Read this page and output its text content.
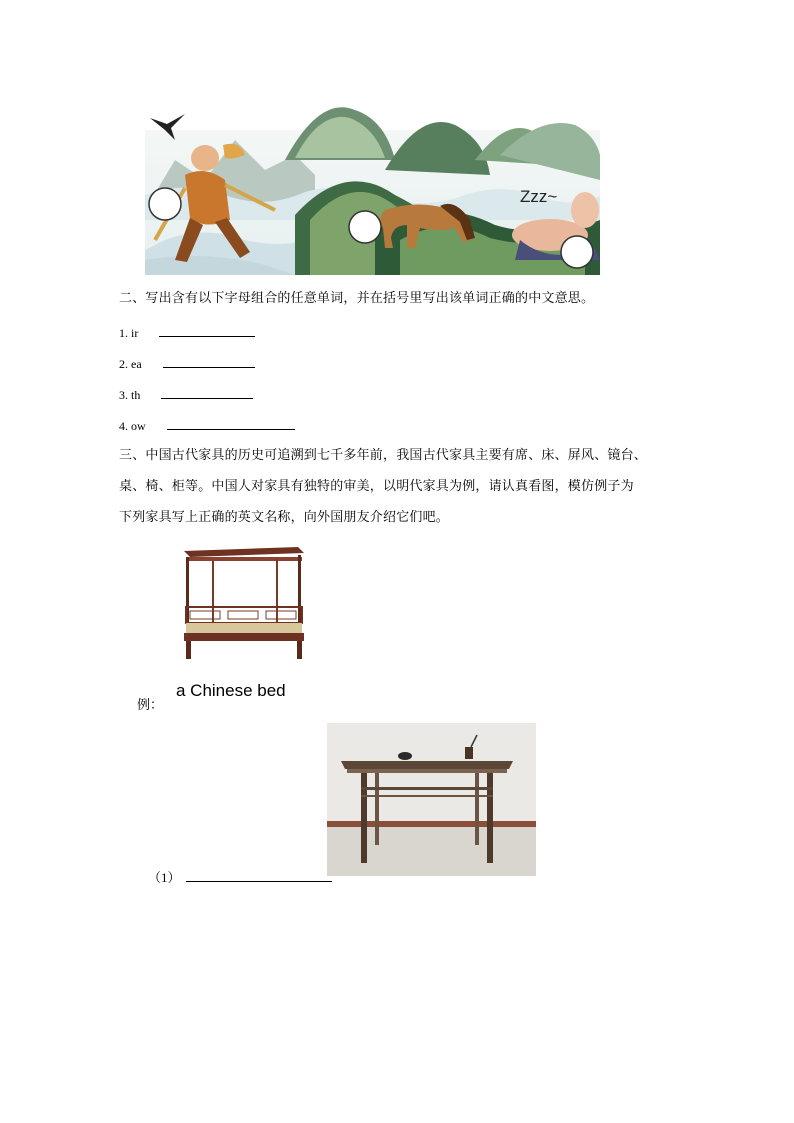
Zzz~
二、写出含有以下字母组合的任意单词，并在括号里写出该单词正确的中文意思。
1. ir
2. ea
3. th
4. ow
三、中国古代家具的历史可追溯到七千多年前，我国古代家具主要有席、床、屏风、镜台、
桌、椅、柜等。中国人对家具有独特的审美，以明代家具为例，请认真看图，模仿例子为
下列家具写上正确的英文名称，向外国朋友介绍它们吧。
例：
a Chinese bed
（1）
